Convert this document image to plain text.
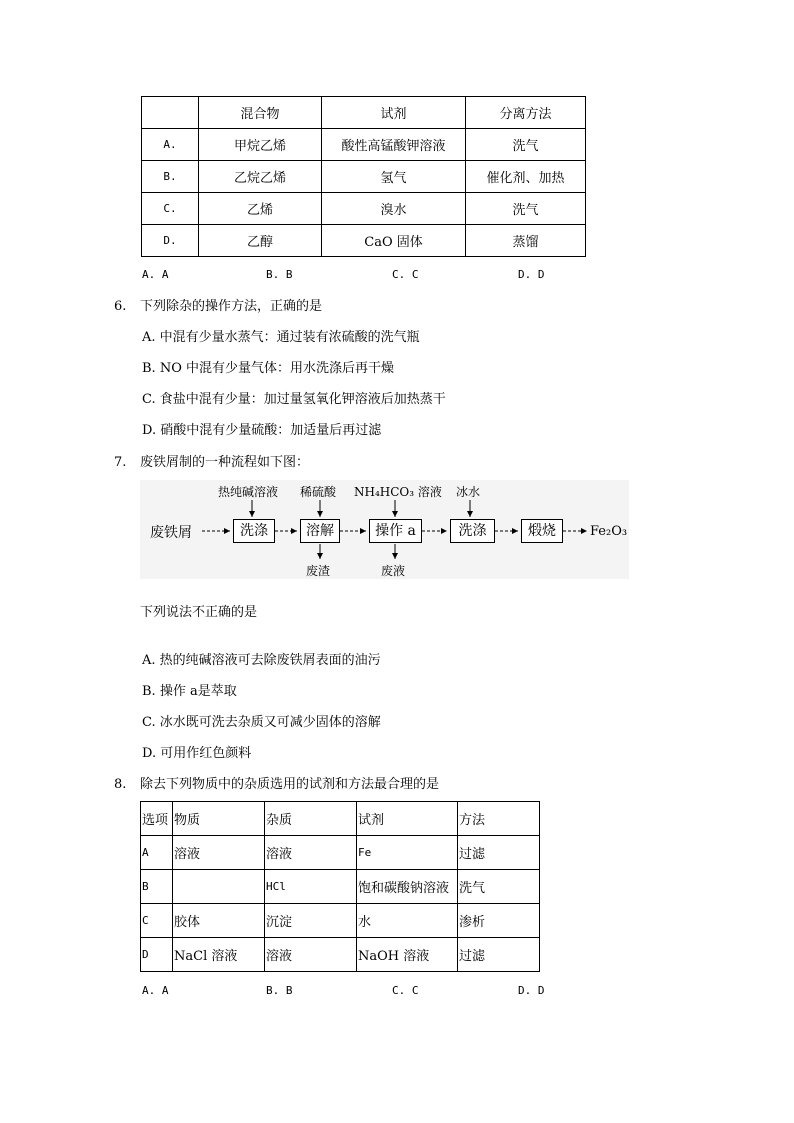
	混合物	试剂	分离方法
A.	甲烷乙烯	酸性高锰酸钾溶液	洗气
B.	乙烷乙烯	氢气	催化剂、加热
C.	乙烯	溴水	洗气
D.	乙醇	CaO 固体	蒸馏
A. A	B. B	C. C	D. D
6. 下列除杂的操作方法，正确的是
A. 中混有少量水蒸气：通过装有浓硫酸的洗气瓶
B. NO 中混有少量气体：用水洗涤后再干燥
C. 食盐中混有少量：加过量氢氧化钾溶液后加热蒸干
D. 硝酸中混有少量硫酸：加适量后再过滤
7. 废铁屑制的一种流程如下图：
废铁屑	洗涤	溶解	操作 a	洗涤	煅烧	Fe₂O₃
热纯碱溶液 稀硫酸 NH₄HCO₃ 溶液 冰水
废渣	废液
下列说法不正确的是
A. 热的纯碱溶液可去除废铁屑表面的油污
B. 操作 a是萃取
C. 冰水既可洗去杂质又可减少固体的溶解
D. 可用作红色颜料
8. 除去下列物质中的杂质选用的试剂和方法最合理的是
选项	物质	杂质	试剂	方法
A	溶液	溶液	Fe	过滤
B		HCl	饱和碳酸钠溶液	洗气
C	胶体	沉淀	水	渗析
D	NaCl 溶液	溶液	NaOH 溶液	过滤
A. A	B. B	C. C	D. D
